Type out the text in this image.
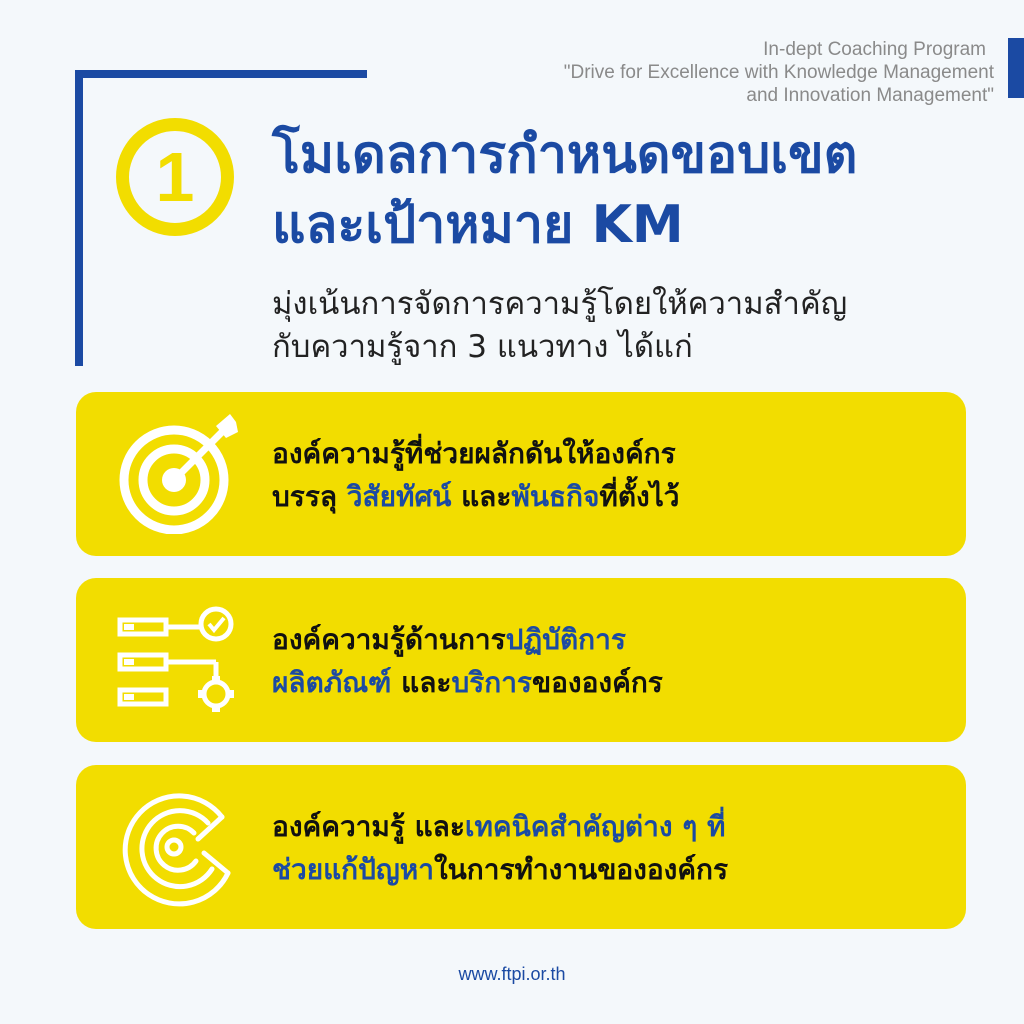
In-dept Coaching Program
"Drive for Excellence with Knowledge Management
and Innovation Management"
1 โมเดลการกำหนดขอบเขต
และเป้าหมาย KM
มุ่งเน้นการจัดการความรู้โดยให้ความสำคัญ
กับความรู้จาก 3 แนวทาง ได้แก่
องค์ความรู้ที่ช่วยผลักดันให้องค์กร
บรรลุ วิสัยทัศน์ และพันธกิจที่ตั้งไว้
องค์ความรู้ด้านการปฏิบัติการ
ผลิตภัณฑ์ และบริการขององค์กร
องค์ความรู้ และเทคนิคสำคัญต่าง ๆ ที่
ช่วยแก้ปัญหาในการทำงานขององค์กร
www.ftpi.or.th
